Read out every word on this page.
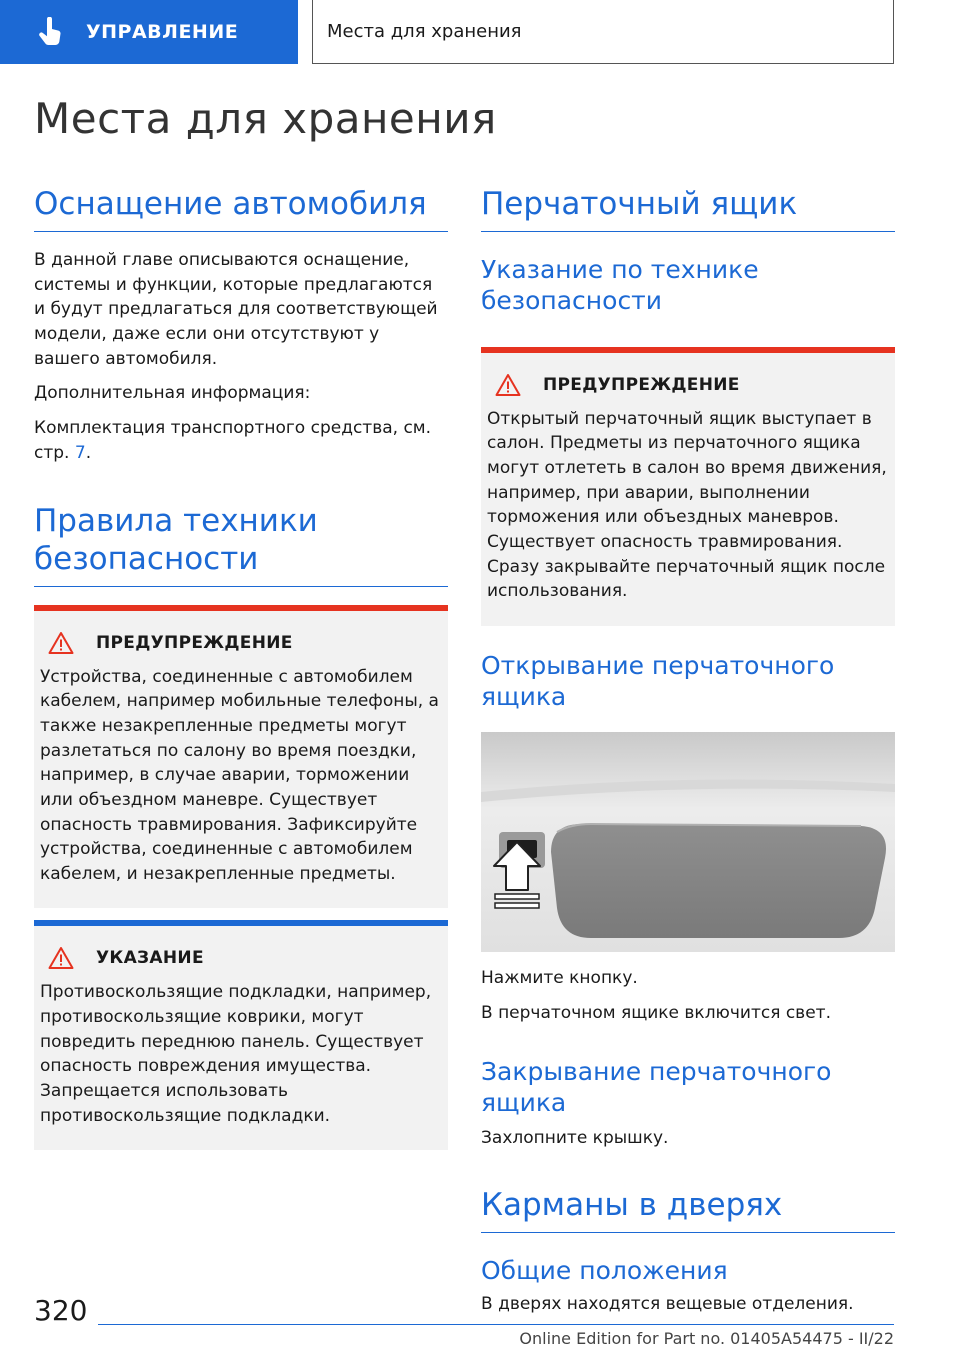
УПРАВЛЕНИЕ	Места для хранения
Места для хранения
Оснащение автомобиля

В данной главе описываются оснащение, системы и функции, которые предлагаются и будут предлагаться для соответствующей модели, даже если они отсутствуют у вашего автомобиля.

Дополнительная информация:

Комплектация транспортного средства, см. стр. 7.

Правила техники безопасности
ПРЕДУПРЕЖДЕНИЕ

Устройства, соединенные с автомобилем кабелем, например мобильные телефоны, а также незакрепленные предметы могут разлетаться по салону во время поездки, например, в случае аварии, торможении или объездном маневре. Существует опасность травмирования. Зафиксируйте устройства, соединенные с автомобилем кабелем, и незакрепленные предметы.

УКАЗАНИЕ

Противоскользящие подкладки, например, противоскользящие коврики, могут повредить переднюю панель. Существует опасность повреждения имущества. Запрещается использовать противоскользящие подкладки.

Перчаточный ящик
Указание по технике безопасности
ПРЕДУПРЕЖДЕНИЕ

Открытый перчаточный ящик выступает в салон. Предметы из перчаточного ящика могут отлететь в салон во время движения, например, при аварии, выполнении торможения или объездных маневров. Существует опасность травмирования. Сразу закрывайте перчаточный ящик после использования.

Открывание перчаточного ящика

Нажмите кнопку.

В перчаточном ящике включится свет.

Закрывание перчаточного ящика

Захлопните крышку.

Карманы в дверях
Общие положения

В дверях находятся вещевые отделения.

320
Online Edition for Part no. 01405A54475 - II/22
